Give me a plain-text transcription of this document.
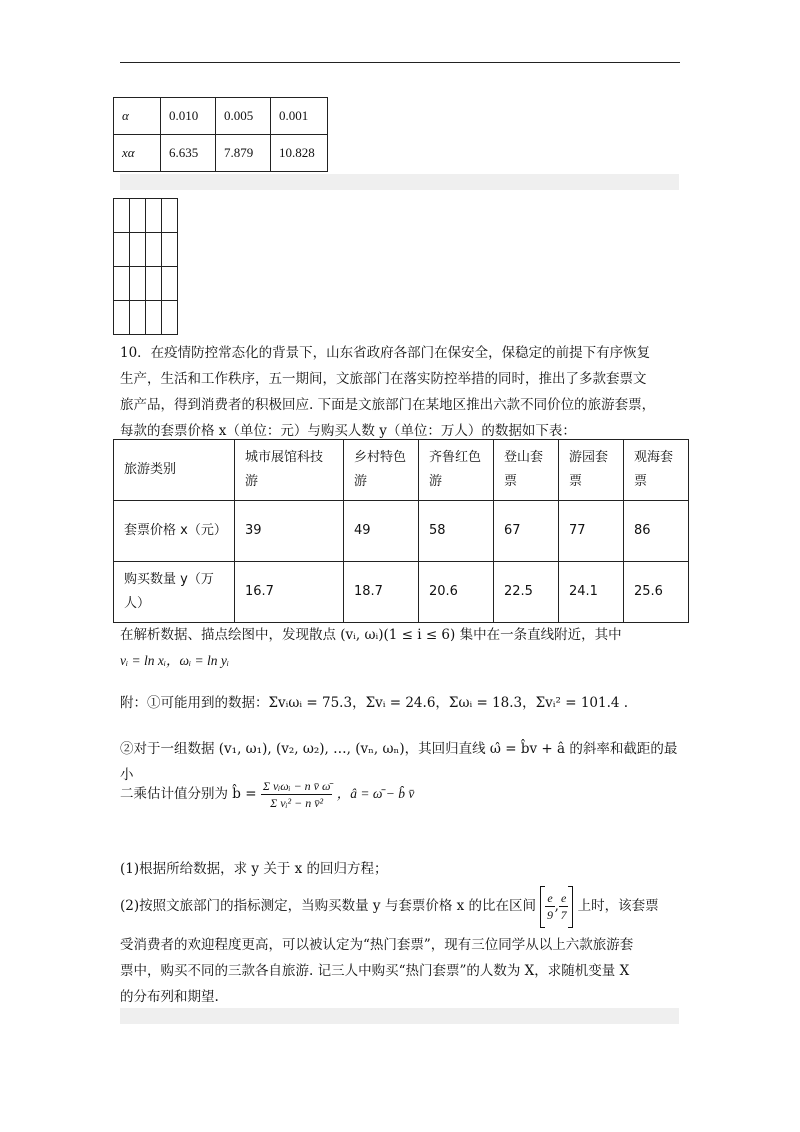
α	0.010	0.005	0.001
xα	6.635	7.879	10.828

10．在疫情防控常态化的背景下，山东省政府各部门在保安全，保稳定的前提下有序恢复
生产，生活和工作秩序，五一期间，文旅部门在落实防控举措的同时，推出了多款套票文
旅产品，得到消费者的积极回应. 下面是文旅部门在某地区推出六款不同价位的旅游套票，
每款的套票价格 x（单位：元）与购买人数 y（单位：万人）的数据如下表：

旅游类别	城市展馆科技游	乡村特色游	齐鲁红色游	登山套票	游园套票	观海套票
套票价格 x（元）	39	49	58	67	77	86
购买数量 y（万人）	16.7	18.7	20.6	22.5	24.1	25.6

在解析数据、描点绘图中，发现散点 (vᵢ, ωᵢ)(1 ≤ i ≤ 6) 集中在一条直线附近，其中
vᵢ = ln xᵢ，ωᵢ = ln yᵢ

附：①可能用到的数据：Σvᵢωᵢ = 75.3，Σvᵢ = 24.6，Σωᵢ = 18.3，Σvᵢ² = 101.4 .

②对于一组数据 (v₁, ω₁), (v₂, ω₂), …, (vₙ, ωₙ)，其回归直线 ω̂ = b̂v + â 的斜率和截距的最小

二乘估计值分别为 b̂ = $\frac{\text{Σ vᵢωᵢ − n v̄ ω̄}}{\text{Σ vᵢ² − n v̄²}}$ ，â = ω̄ − b̂ v̄

(1)根据所给数据，求 y 关于 x 的回归方程；

(2)按照文旅部门的指标测定，当购买数量 y 与套票价格 x 的比在区间 $\frac{e}{9}$ , $\frac{e}{7}$ 上时，该套票

受消费者的欢迎程度更高，可以被认定为“热门套票”，现有三位同学从以上六款旅游套
票中，购买不同的三款各自旅游. 记三人中购买“热门套票”的人数为 X，求随机变量 X
的分布列和期望.
